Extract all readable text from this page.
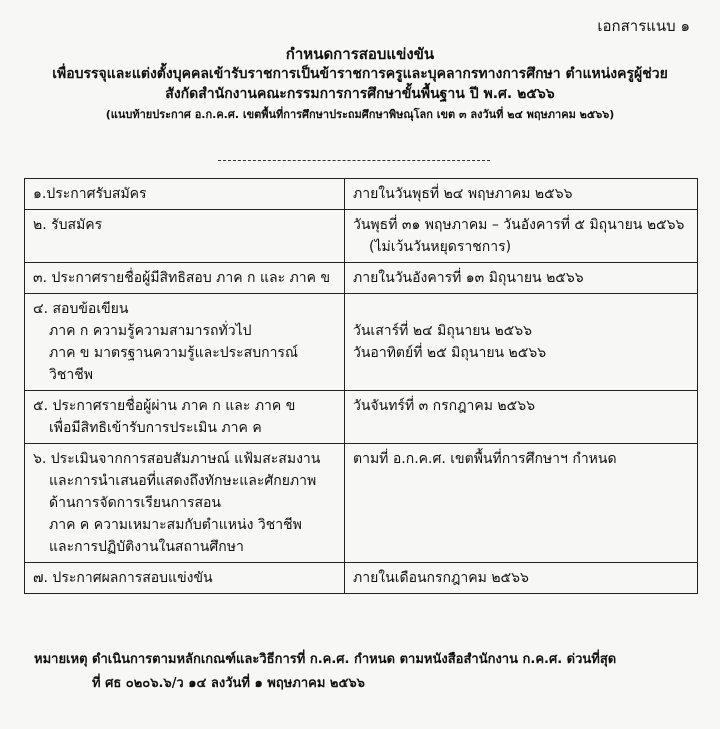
เอกสารแนบ ๑
กำหนดการสอบแข่งขัน
เพื่อบรรจุและแต่งตั้งบุคคลเข้ารับราชการเป็นข้าราชการครูและบุคลากรทางการศึกษา ตำแหน่งครูผู้ช่วย
สังกัดสำนักงานคณะกรรมการการศึกษาขั้นพื้นฐาน ปี พ.ศ. ๒๕๖๖
(แนบท้ายประกาศ อ.ก.ค.ศ. เขตพื้นที่การศึกษาประถมศึกษาพิษณุโลก เขต ๓ ลงวันที่ ๒๔ พฤษภาคม ๒๕๖๖)
๑.ประกาศรับสมัคร	ภายในวันพุธที่ ๒๔ พฤษภาคม ๒๕๖๖
๒. รับสมัคร	วันพุธที่ ๓๑ พฤษภาคม – วันอังคารที่ ๕ มิถุนายน ๒๕๖๖
(ไม่เว้นวันหยุดราชการ)

๓. ประกาศรายชื่อผู้มีสิทธิสอบ ภาค ก และ ภาค ข	ภายในวันอังคารที่ ๑๓ มิถุนายน ๒๕๖๖

๔. สอบข้อเขียน
ภาค ก ความรู้ความสามารถทั่วไป
ภาค ข มาตรฐานความรู้และประสบการณ์วิชาชีพ	วันเสาร์ที่ ๒๔ มิถุนายน ๒๕๖๖
วันอาทิตย์ที่ ๒๕ มิถุนายน ๒๕๖๖

๕. ประกาศรายชื่อผู้ผ่าน ภาค ก และ ภาค ข
เพื่อมีสิทธิเข้ารับการประเมิน ภาค ค	วันจันทร์ที่ ๓ กรกฎาคม ๒๕๖๖

๖. ประเมินจากการสอบสัมภาษณ์ แฟ้มสะสมงาน
และการนำเสนอที่แสดงถึงทักษะและศักยภาพ
ด้านการจัดการเรียนการสอน
ภาค ค ความเหมาะสมกับตำแหน่ง วิชาชีพ
และการปฏิบัติงานในสถานศึกษา	ตามที่ อ.ก.ค.ศ. เขตพื้นที่การศึกษาฯ กำหนด
๗. ประกาศผลการสอบแข่งขัน	ภายในเดือนกรกฎาคม ๒๕๖๖
หมายเหตุ ดำเนินการตามหลักเกณฑ์และวิธีการที่ ก.ค.ศ. กำหนด ตามหนังสือสำนักงาน ก.ค.ศ. ด่วนที่สุด
ที่ ศธ ๐๒๐๖.๖/ว ๑๔ ลงวันที่ ๑ พฤษภาคม ๒๕๖๖
